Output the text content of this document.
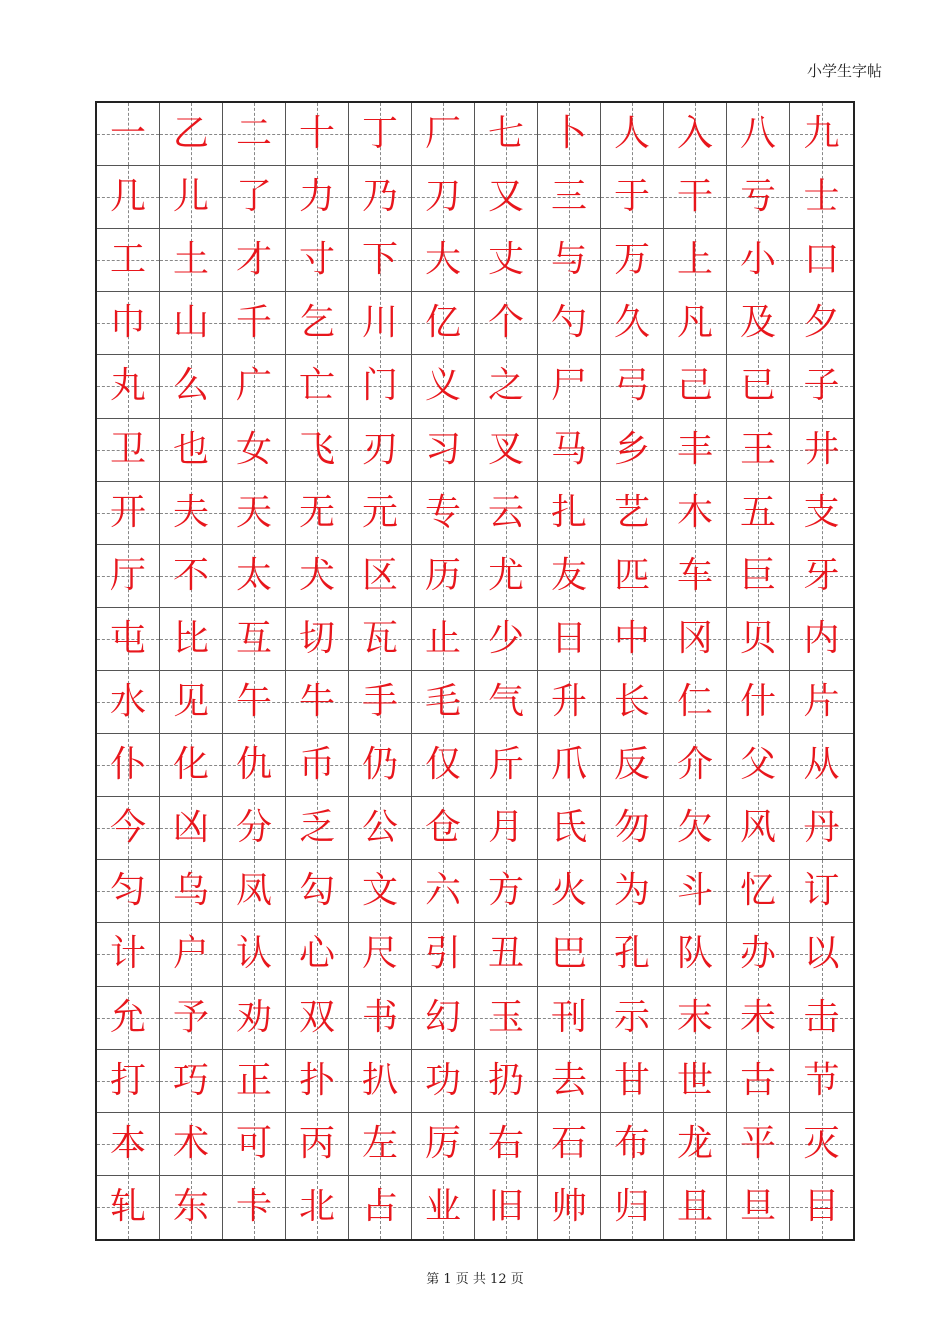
小学生字帖
一 乙 二 十 丁 厂 七 卜 人 入 八 九
几 儿 了 力 乃 刀 又 三 于 干 亏 士
工 土 才 寸 下 大 丈 与 万 上 小 口
巾 山 千 乞 川 亿 个 勺 久 凡 及 夕
丸 么 广 亡 门 义 之 尸 弓 己 已 子
卫 也 女 飞 刃 习 叉 马 乡 丰 王 井
开 夫 天 无 元 专 云 扎 艺 木 五 支
厅 不 太 犬 区 历 尤 友 匹 车 巨 牙
屯 比 互 切 瓦 止 少 日 中 冈 贝 内
水 见 午 牛 手 毛 气 升 长 仁 什 片
仆 化 仇 币 仍 仅 斤 爪 反 介 父 从
今 凶 分 乏 公 仓 月 氏 勿 欠 风 丹
匀 乌 凤 勾 文 六 方 火 为 斗 忆 订
计 户 认 心 尺 引 丑 巴 孔 队 办 以
允 予 劝 双 书 幻 玉 刊 示 末 未 击
打 巧 正 扑 扒 功 扔 去 甘 世 古 节
本 术 可 丙 左 厉 右 石 布 龙 平 灭
轧 东 卡 北 占 业 旧 帅 归 且 旦 目
第 1 页 共 12 页
